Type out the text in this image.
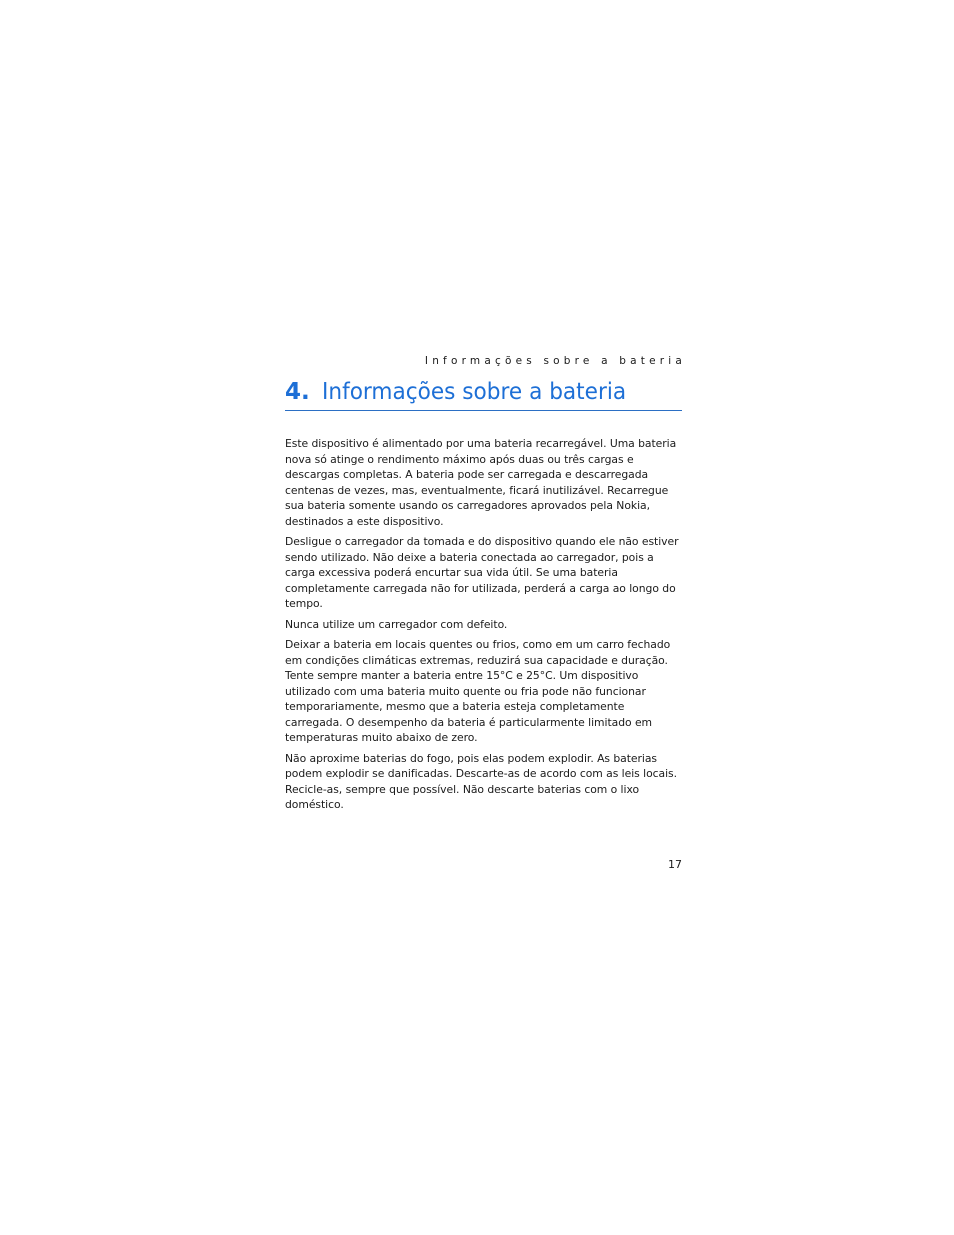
Informações sobre a bateria
4. Informações sobre a bateria

Este dispositivo é alimentado por uma bateria recarregável. Uma bateria nova só atinge o rendimento máximo após duas ou três cargas e descargas completas. A bateria pode ser carregada e descarregada centenas de vezes, mas, eventualmente, ficará inutilizável. Recarregue sua bateria somente usando os carregadores aprovados pela Nokia, destinados a este dispositivo.

Desligue o carregador da tomada e do dispositivo quando ele não estiver sendo utilizado. Não deixe a bateria conectada ao carregador, pois a carga excessiva poderá encurtar sua vida útil. Se uma bateria completamente carregada não for utilizada, perderá a carga ao longo do tempo.

Nunca utilize um carregador com defeito.

Deixar a bateria em locais quentes ou frios, como em um carro fechado em condições climáticas extremas, reduzirá sua capacidade e duração. Tente sempre manter a bateria entre 15°C e 25°C. Um dispositivo utilizado com uma bateria muito quente ou fria pode não funcionar temporariamente, mesmo que a bateria esteja completamente carregada. O desempenho da bateria é particularmente limitado em temperaturas muito abaixo de zero.

Não aproxime baterias do fogo, pois elas podem explodir. As baterias podem explodir se danificadas. Descarte-as de acordo com as leis locais. Recicle-as, sempre que possível. Não descarte baterias com o lixo doméstico.

17
